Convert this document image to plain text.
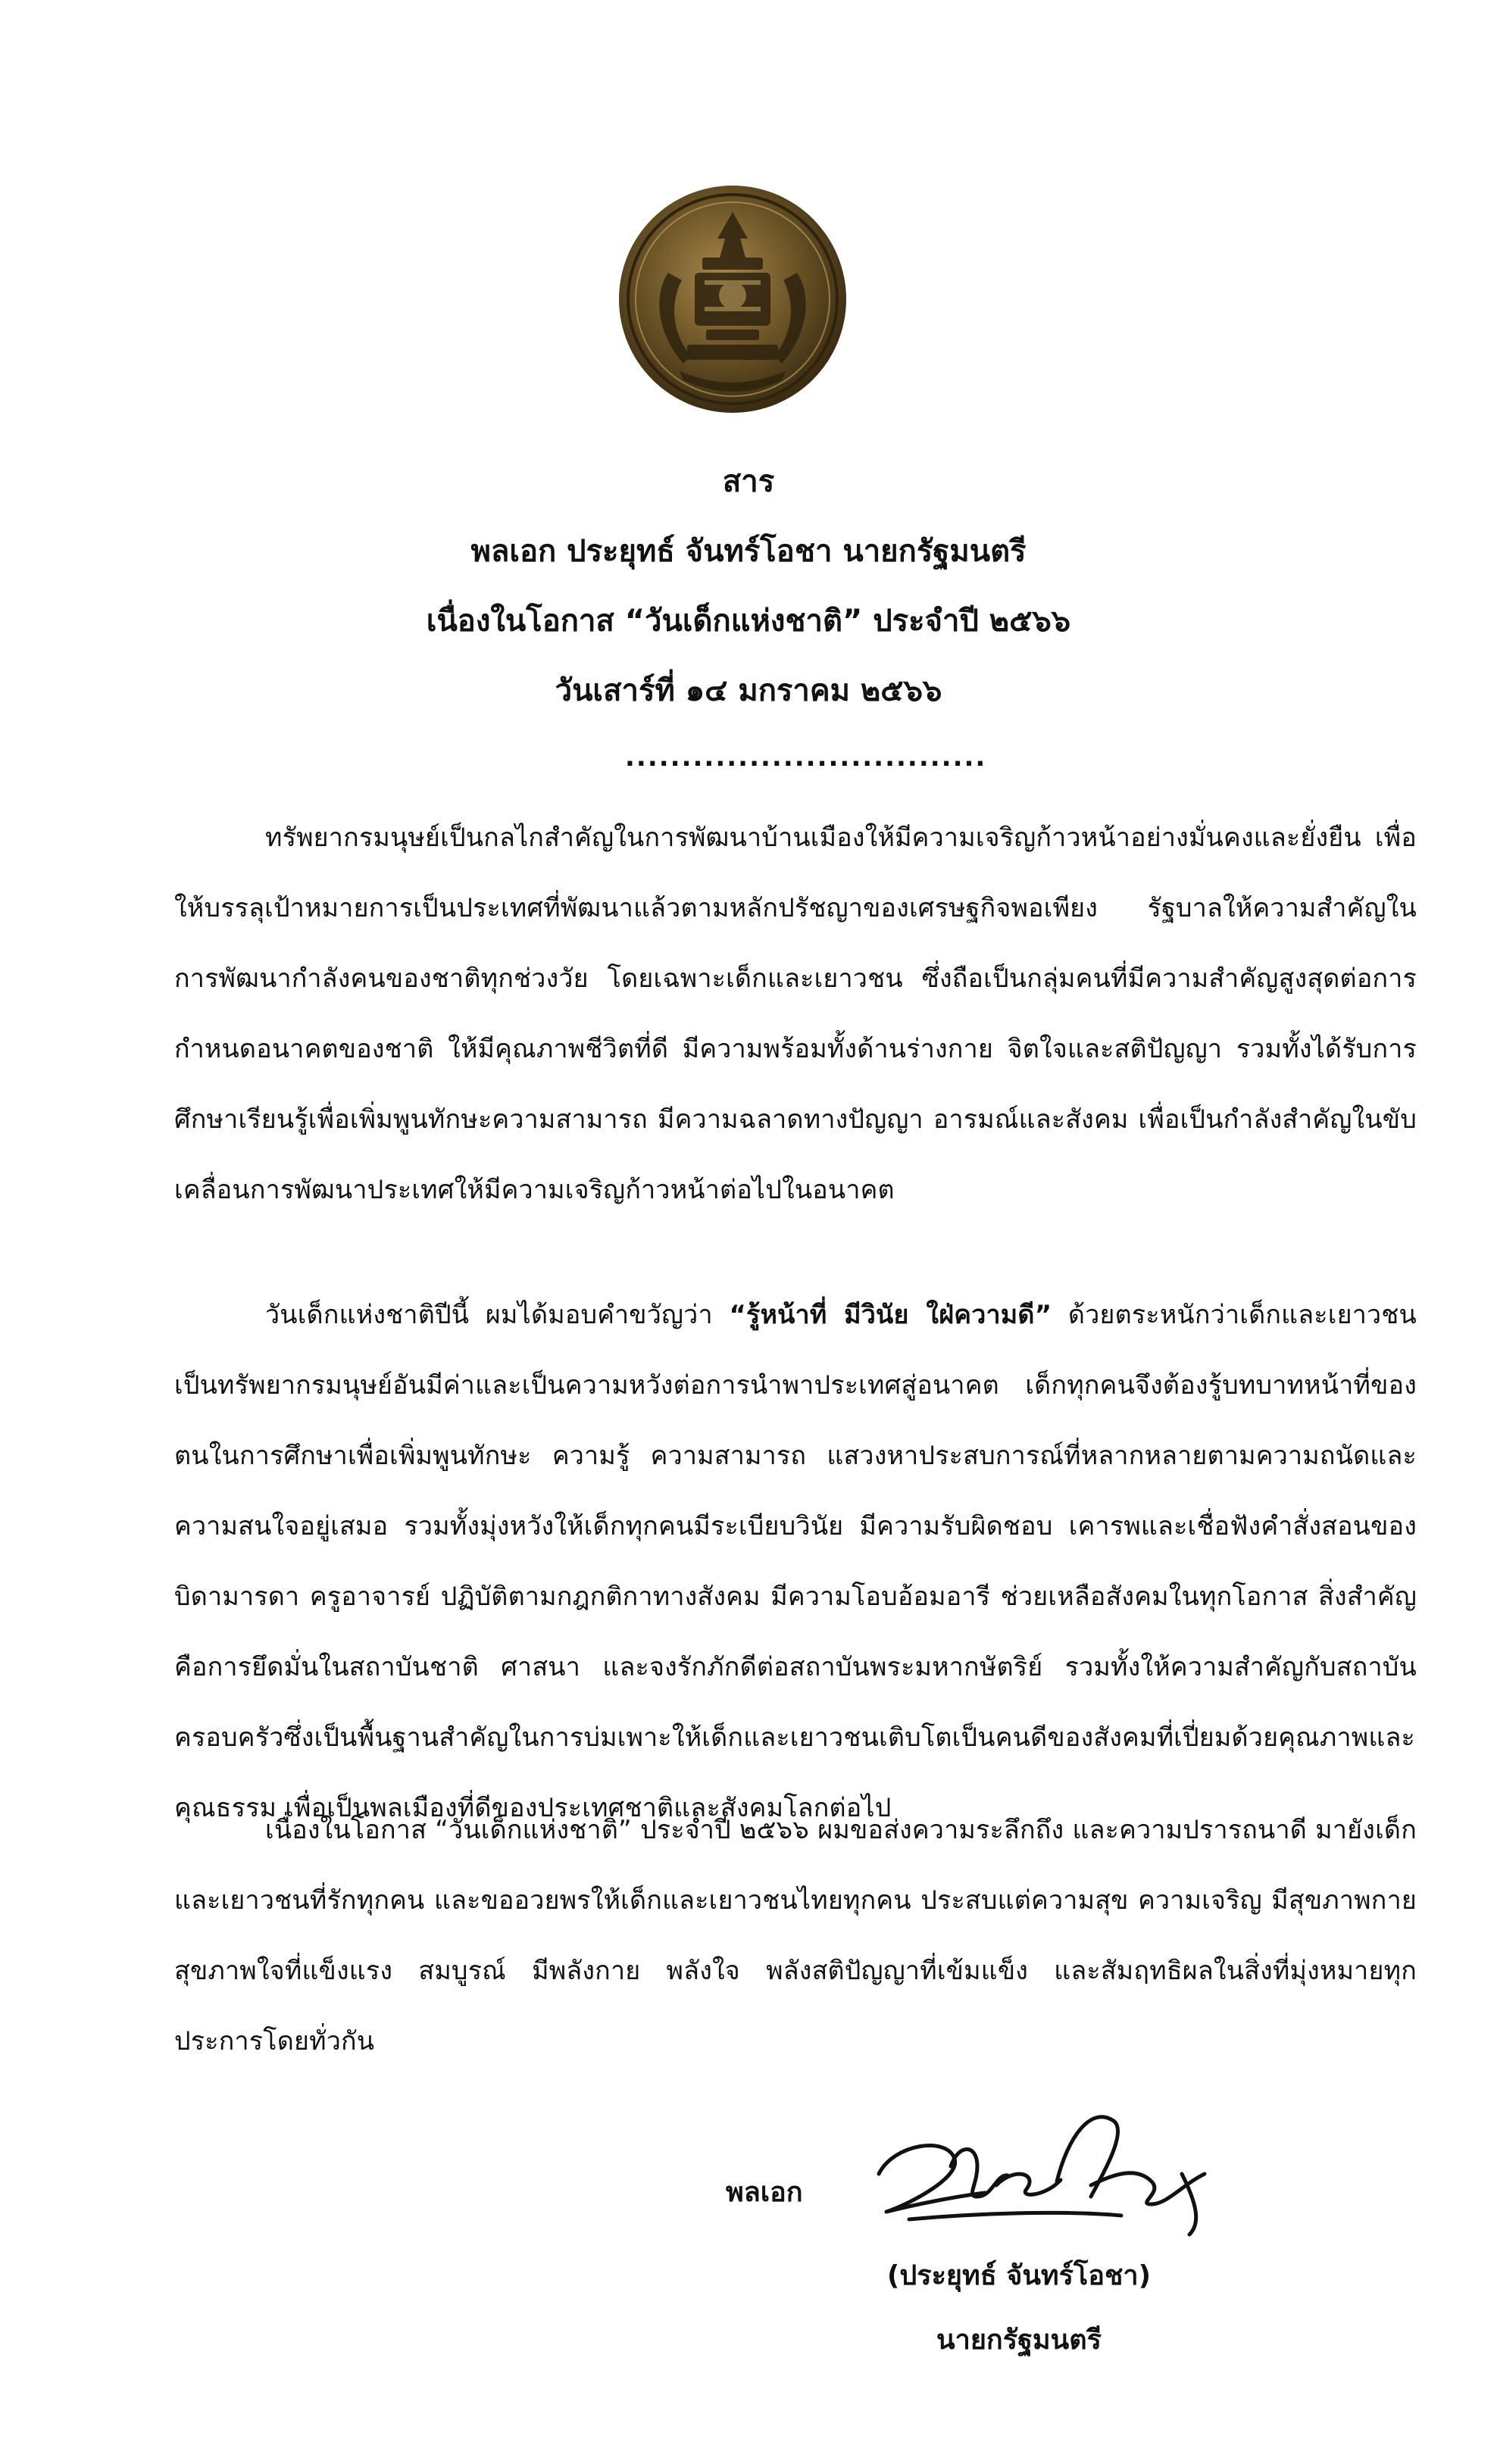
สาร
พลเอก ประยุทธ์ จันทร์โอชา นายกรัฐมนตรี
เนื่องในโอกาส “วันเด็กแห่งชาติ” ประจำปี ๒๕๖๖
วันเสาร์ที่ ๑๔ มกราคม ๒๕๖๖
................................

ทรัพยากรมนุษย์เป็นกลไกสำคัญในการพัฒนาบ้านเมืองให้มีความเจริญก้าวหน้าอย่างมั่นคงและยั่งยืน เพื่อให้บรรลุเป้าหมายการเป็นประเทศที่พัฒนาแล้วตามหลักปรัชญาของเศรษฐกิจพอเพียง รัฐบาลให้ความสำคัญในการพัฒนากำลังคนของชาติทุกช่วงวัย โดยเฉพาะเด็กและเยาวชน ซึ่งถือเป็นกลุ่มคนที่มีความสำคัญสูงสุดต่อการกำหนดอนาคตของชาติ ให้มีคุณภาพชีวิตที่ดี มีความพร้อมทั้งด้านร่างกาย จิตใจและสติปัญญา รวมทั้งได้รับการศึกษาเรียนรู้เพื่อเพิ่มพูนทักษะความสามารถ มีความฉลาดทางปัญญา อารมณ์และสังคม เพื่อเป็นกำลังสำคัญในขับเคลื่อนการพัฒนาประเทศให้มีความเจริญก้าวหน้าต่อไปในอนาคต

วันเด็กแห่งชาติปีนี้ ผมได้มอบคำขวัญว่า “รู้หน้าที่ มีวินัย ใฝ่ความดี” ด้วยตระหนักว่าเด็กและเยาวชนเป็นทรัพยากรมนุษย์อันมีค่าและเป็นความหวังต่อการนำพาประเทศสู่อนาคต เด็กทุกคนจึงต้องรู้บทบาทหน้าที่ของตนในการศึกษาเพื่อเพิ่มพูนทักษะ ความรู้ ความสามารถ แสวงหาประสบการณ์ที่หลากหลายตามความถนัดและความสนใจอยู่เสมอ รวมทั้งมุ่งหวังให้เด็กทุกคนมีระเบียบวินัย มีความรับผิดชอบ เคารพและเชื่อฟังคำสั่งสอนของบิดามารดา ครูอาจารย์ ปฏิบัติตามกฎกติกาทางสังคม มีความโอบอ้อมอารี ช่วยเหลือสังคมในทุกโอกาส สิ่งสำคัญคือการยึดมั่นในสถาบันชาติ ศาสนา และจงรักภักดีต่อสถาบันพระมหากษัตริย์ รวมทั้งให้ความสำคัญกับสถาบันครอบครัวซึ่งเป็นพื้นฐานสำคัญในการบ่มเพาะให้เด็กและเยาวชนเติบโตเป็นคนดีของสังคมที่เปี่ยมด้วยคุณภาพและคุณธรรม เพื่อเป็นพลเมืองที่ดีของประเทศชาติและสังคมโลกต่อไป

เนื่องในโอกาส “วันเด็กแห่งชาติ” ประจำปี ๒๕๖๖ ผมขอส่งความระลึกถึง และความปรารถนาดี มายังเด็กและเยาวชนที่รักทุกคน และขออวยพรให้เด็กและเยาวชนไทยทุกคน ประสบแต่ความสุข ความเจริญ มีสุขภาพกาย สุขภาพใจที่แข็งแรง สมบูรณ์ มีพลังกาย พลังใจ พลังสติปัญญาที่เข้มแข็ง และสัมฤทธิผลในสิ่งที่มุ่งหมายทุกประการโดยทั่วกัน

พลเอก
(ประยุทธ์ จันทร์โอชา)
นายกรัฐมนตรี
